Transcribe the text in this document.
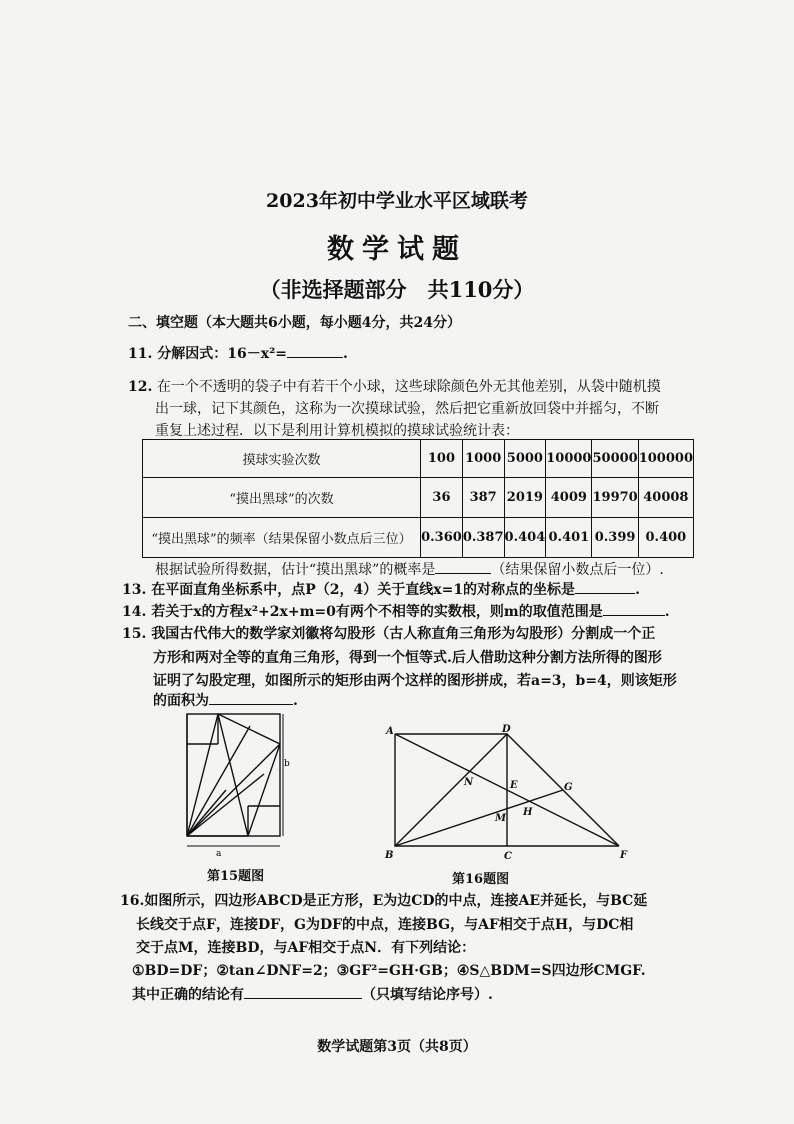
2023年初中学业水平区域联考
数学试题
（非选择题部分　共110分）
二、填空题（本大题共6小题，每小题4分，共24分）
11. 分解因式：16－x²=	.
12. 在一个不透明的袋子中有若干个小球，这些球除颜色外无其他差别，从袋中随机摸
出一球，记下其颜色，这称为一次摸球试验，然后把它重新放回袋中并摇匀，不断
重复上述过程．以下是利用计算机模拟的摸球试验统计表：
摸球实验次数	100	1000	5000	10000	50000	100000
“摸出黑球”的次数	36	387	2019	4009	19970	40008
“摸出黑球”的频率（结果保留小数点后三位）	0.360	0.387	0.404	0.401	0.399	0.400
根据试验所得数据，估计“摸出黑球”的概率是	（结果保留小数点后一位）.
13. 在平面直角坐标系中，点P（2，4）关于直线x=1的对称点的坐标是	.
14. 若关于x的方程x²+2x+m=0有两个不相等的实数根，则m的取值范围是	.
15. 我国古代伟大的数学家刘徽将勾股形（古人称直角三角形为勾股形）分割成一个正
方形和两对全等的直角三角形，得到一个恒等式.后人借助这种分割方法所得的图形
证明了勾股定理，如图所示的矩形由两个这样的图形拼成，若a=3，b=4，则该矩形
的面积为	.
a
b
第15题图
A	D
B	C	F
E	G
H
M
N
第16题图
16.如图所示，四边形ABCD是正方形，E为边CD的中点，连接AE并延长，与BC延
长线交于点F，连接DF，G为DF的中点，连接BG，与AF相交于点H，与DC相
交于点M，连接BD，与AF相交于点N．有下列结论：
①BD=DF；②tan∠DNF=2；③GF²=GH·GB；④S△BDM=S四边形CMGF.
其中正确的结论有	（只填写结论序号）.
数学试题第3页（共8页）
